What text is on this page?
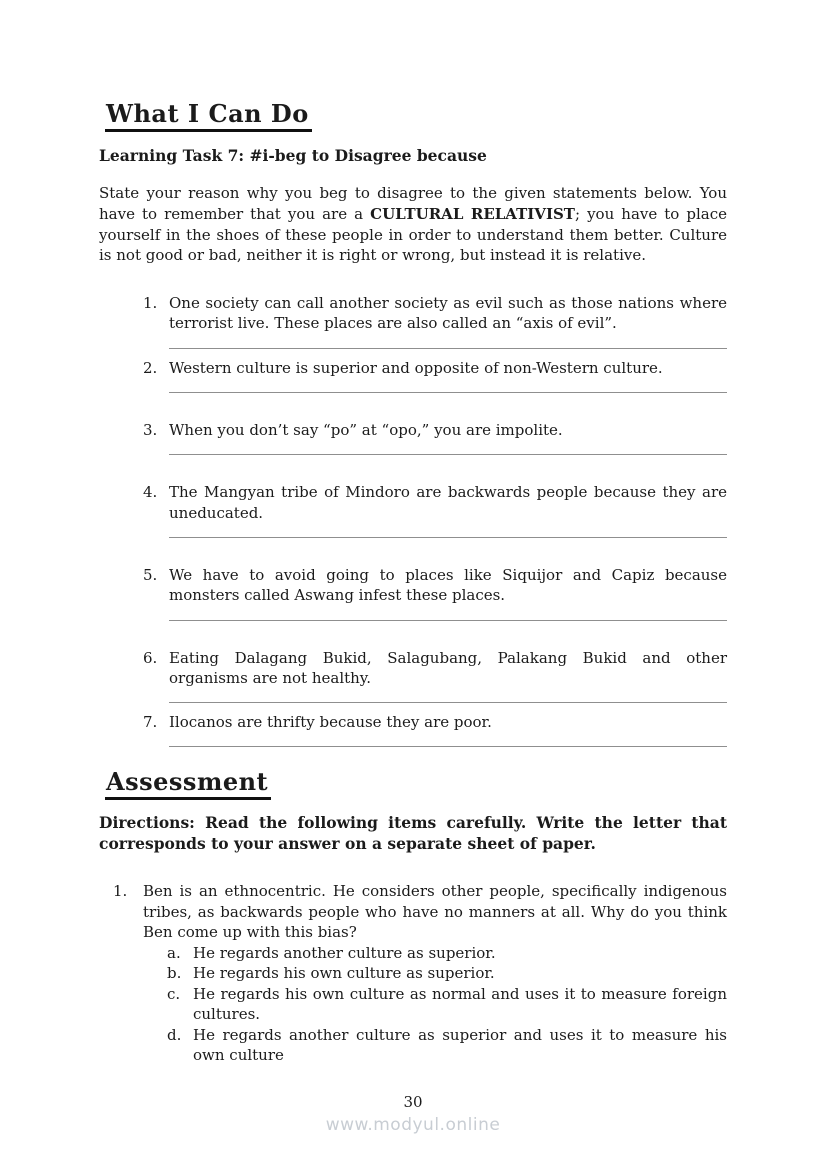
What I Can Do
Learning Task 7: #i-beg to Disagree because

State your reason why you beg to disagree to the given statements below. You have to remember that you are a CULTURAL RELATIVIST; you have to place yourself in the shoes of these people in order to understand them better. Culture is not good or bad, neither it is right or wrong, but instead it is relative.

1. One society can call another society as evil such as those nations where terrorist live. These places are also called an “axis of evil”.
2. Western culture is superior and opposite of non-Western culture.
3. When you don’t say “po” at “opo,” you are impolite.
4. The Mangyan tribe of Mindoro are backwards people because they are uneducated.
5. We have to avoid going to places like Siquijor and Capiz because monsters called Aswang infest these places.
6. Eating Dalagang Bukid, Salagubang, Palakang Bukid and other organisms are not healthy.
7. Ilocanos are thrifty because they are poor.
Assessment

Directions: Read the following items carefully. Write the letter that corresponds to your answer on a separate sheet of paper.

1.	Ben is an ethnocentric. He considers other people, specifically indigenous tribes, as backwards people who have no manners at all. Why do you think Ben come up with this bias?
a. He regards another culture as superior.
b. He regards his own culture as superior.
c. He regards his own culture as normal and uses it to measure foreign cultures.
d. He regards another culture as superior and uses it to measure his own culture
30
www.modyul.online
